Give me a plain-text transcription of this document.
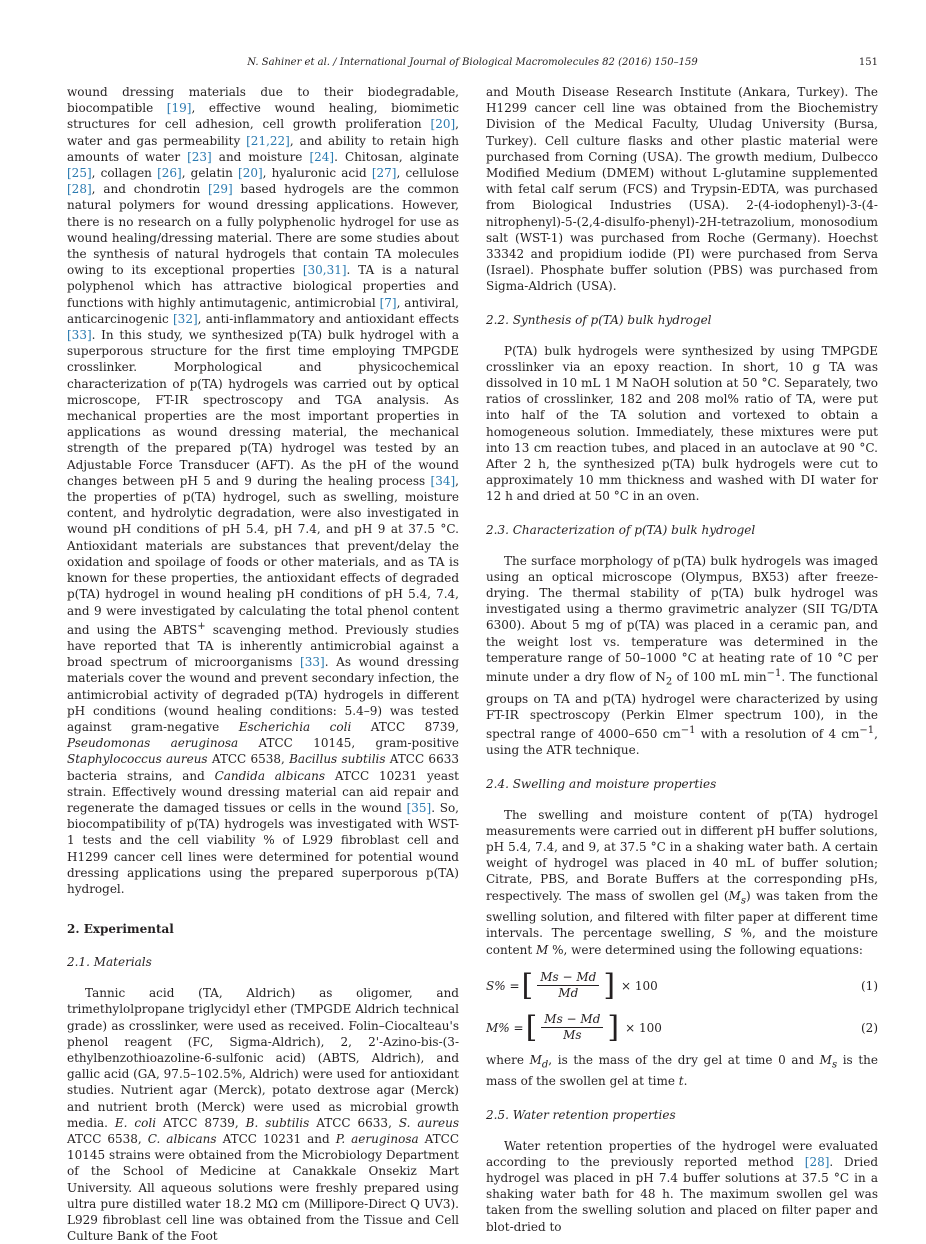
N. Sahiner et al. / International Journal of Biological Macromolecules 82 (2016) 150–159	151

wound dressing materials due to their biodegradable, biocompatible [19], effective wound healing, biomimetic structures for cell adhesion, cell growth proliferation [20], water and gas permeability [21,22], and ability to retain high amounts of water [23] and moisture [24]. Chitosan, alginate [25], collagen [26], gelatin [20], hyaluronic acid [27], cellulose [28], and chondrotin [29] based hydrogels are the common natural polymers for wound dressing applications. However, there is no research on a fully polyphenolic hydrogel for use as wound healing/dressing material. There are some studies about the synthesis of natural hydrogels that contain TA molecules owing to its exceptional properties [30,31]. TA is a natural polyphenol which has attractive biological properties and functions with highly antimutagenic, antimicrobial [7], antiviral, anticarcinogenic [32], anti-inflammatory and antioxidant effects [33]. In this study, we synthesized p(TA) bulk hydrogel with a superporous structure for the first time employing TMPGDE crosslinker. Morphological and physicochemical characterization of p(TA) hydrogels was carried out by optical microscope, FT-IR spectroscopy and TGA analysis. As mechanical properties are the most important properties in applications as wound dressing material, the mechanical strength of the prepared p(TA) hydrogel was tested by an Adjustable Force Transducer (AFT). As the pH of the wound changes between pH 5 and 9 during the healing process [34], the properties of p(TA) hydrogel, such as swelling, moisture content, and hydrolytic degradation, were also investigated in wound pH conditions of pH 5.4, pH 7.4, and pH 9 at 37.5 °C. Antioxidant materials are substances that prevent/delay the oxidation and spoilage of foods or other materials, and as TA is known for these properties, the antioxidant effects of degraded p(TA) hydrogel in wound healing pH conditions of pH 5.4, 7.4, and 9 were investigated by calculating the total phenol content and using the ABTS+ scavenging method. Previously studies have reported that TA is inherently antimicrobial against a broad spectrum of microorganisms [33]. As wound dressing materials cover the wound and prevent secondary infection, the antimicrobial activity of degraded p(TA) hydrogels in different pH conditions (wound healing conditions: 5.4–9) was tested against gram-negative Escherichia coli ATCC 8739, Pseudomonas aeruginosa ATCC 10145, gram-positive Staphylococcus aureus ATCC 6538, Bacillus subtilis ATCC 6633 bacteria strains, and Candida albicans ATCC 10231 yeast strain. Effectively wound dressing material can aid repair and regenerate the damaged tissues or cells in the wound [35]. So, biocompatibility of p(TA) hydrogels was investigated with WST-1 tests and the cell viability % of L929 fibroblast cell and H1299 cancer cell lines were determined for potential wound dressing applications using the prepared superporous p(TA) hydrogel.

2. Experimental

2.1. Materials

Tannic acid (TA, Aldrich) as oligomer, and trimethylolpropane triglycidyl ether (TMPGDE Aldrich technical grade) as crosslinker, were used as received. Folin–Ciocalteau's phenol reagent (FC, Sigma-Aldrich), 2, 2'-Azino-bis-(3-ethylbenzothioazoline-6-sulfonic acid) (ABTS, Aldrich), and gallic acid (GA, 97.5–102.5%, Aldrich) were used for antioxidant studies. Nutrient agar (Merck), potato dextrose agar (Merck) and nutrient broth (Merck) were used as microbial growth media. E. coli ATCC 8739, B. subtilis ATCC 6633, S. aureus ATCC 6538, C. albicans ATCC 10231 and P. aeruginosa ATCC 10145 strains were obtained from the Microbiology Department of the School of Medicine at Canakkale Onsekiz Mart University. All aqueous solutions were freshly prepared using ultra pure distilled water 18.2 MΩ cm (Millipore-Direct Q UV3). L929 fibroblast cell line was obtained from the Tissue and Cell Culture Bank of the Foot

and Mouth Disease Research Institute (Ankara, Turkey). The H1299 cancer cell line was obtained from the Biochemistry Division of the Medical Faculty, Uludag University (Bursa, Turkey). Cell culture flasks and other plastic material were purchased from Corning (USA). The growth medium, Dulbecco Modified Medium (DMEM) without L-glutamine supplemented with fetal calf serum (FCS) and Trypsin-EDTA, was purchased from Biological Industries (USA). 2-(4-iodophenyl)-3-(4-nitrophenyl)-5-(2,4-disulfo-phenyl)-2H-tetrazolium, monosodium salt (WST-1) was purchased from Roche (Germany). Hoechst 33342 and propidium iodide (PI) were purchased from Serva (Israel). Phosphate buffer solution (PBS) was purchased from Sigma-Aldrich (USA).

2.2. Synthesis of p(TA) bulk hydrogel

P(TA) bulk hydrogels were synthesized by using TMPGDE crosslinker via an epoxy reaction. In short, 10 g TA was dissolved in 10 mL 1 M NaOH solution at 50 °C. Separately, two ratios of crosslinker, 182 and 208 mol% ratio of TA, were put into half of the TA solution and vortexed to obtain a homogeneous solution. Immediately, these mixtures were put into 13 cm reaction tubes, and placed in an autoclave at 90 °C. After 2 h, the synthesized p(TA) bulk hydrogels were cut to approximately 10 mm thickness and washed with DI water for 12 h and dried at 50 °C in an oven.

2.3. Characterization of p(TA) bulk hydrogel

The surface morphology of p(TA) bulk hydrogels was imaged using an optical microscope (Olympus, BX53) after freeze-drying. The thermal stability of p(TA) bulk hydrogel was investigated using a thermo gravimetric analyzer (SII TG/DTA 6300). About 5 mg of p(TA) was placed in a ceramic pan, and the weight lost vs. temperature was determined in the temperature range of 50–1000 °C at heating rate of 10 °C per minute under a dry flow of $N_2$ of 100 mL $\min^{-1}$. The functional groups on TA and p(TA) hydrogel were characterized by using FT-IR spectroscopy (Perkin Elmer spectrum 100), in the spectral range of 4000–650 $cm^{-1}$ with a resolution of 4 $cm^{-1}$, using the ATR technique.

2.4. Swelling and moisture properties

The swelling and moisture content of p(TA) hydrogel measurements were carried out in different pH buffer solutions, pH 5.4, 7.4, and 9, at 37.5 °C in a shaking water bath. A certain weight of hydrogel was placed in 40 mL of buffer solution; Citrate, PBS, and Borate Buffers at the corresponding pHs, respectively. The mass of swollen gel $(M_s)$ was taken from the swelling solution, and filtered with filter paper at different time intervals. The percentage swelling, S %, and the moisture content M %, were determined using the following equations:

S% = [ $\frac{Ms - Md}{Md}$ ] × 100	(1)
M% = [ $\frac{Ms - Md}{Ms}$ ] × 100	(2)

where $M_d$, is the mass of the dry gel at time 0 and $M_s$ is the mass of the swollen gel at time t.

2.5. Water retention properties

Water retention properties of the hydrogel were evaluated according to the previously reported method [28]. Dried hydrogel was placed in pH 7.4 buffer solutions at 37.5 °C in a shaking water bath for 48 h. The maximum swollen gel was taken from the swelling solution and placed on filter paper and blot-dried to
